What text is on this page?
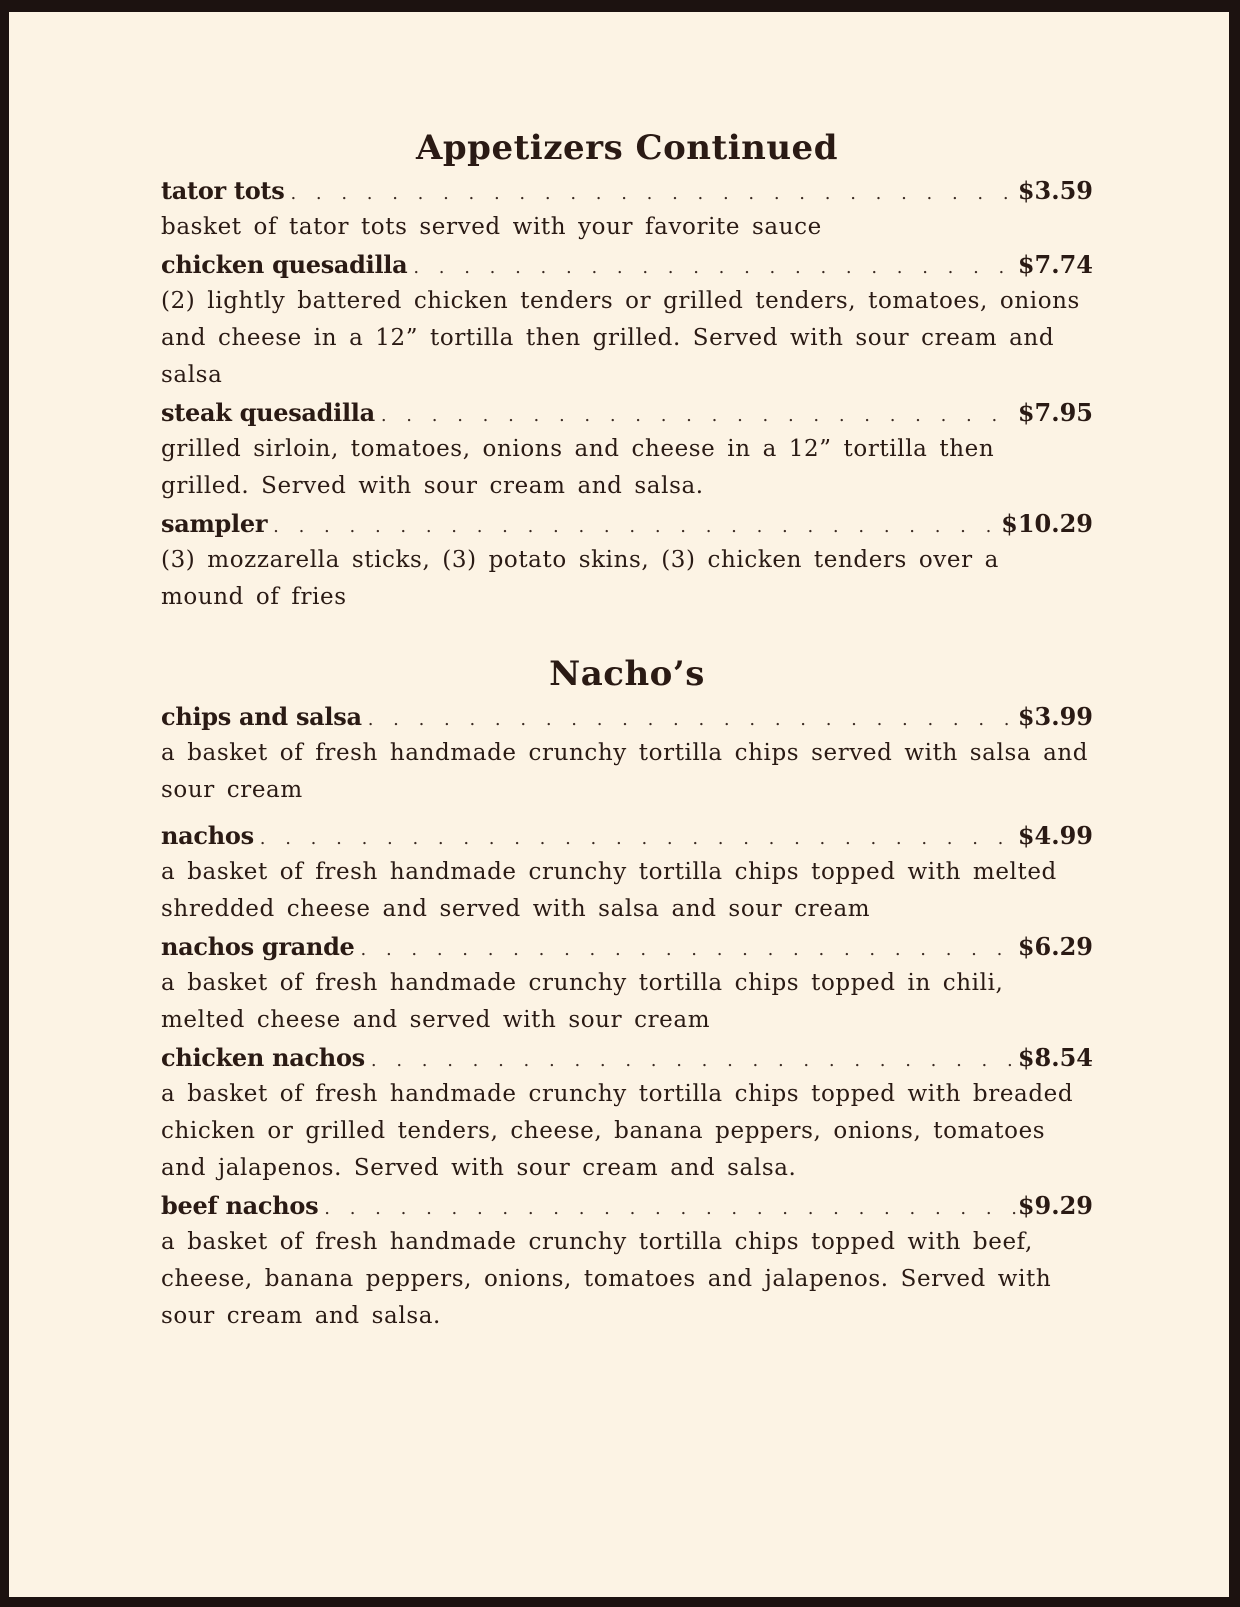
Appetizers Continued
tator tots . . .	$3.59

basket of tator tots served with your favorite sauce

chicken quesadilla . . .	$7.74

(2) lightly battered chicken tenders or grilled tenders, tomatoes, onions and cheese in a 12” tortilla then grilled. Served with sour cream and salsa

steak quesadilla . . .	$7.95

grilled sirloin, tomatoes, onions and cheese in a 12” tortilla then grilled. Served with sour cream and salsa.

sampler . . .	$10.29

(3) mozzarella sticks, (3) potato skins, (3) chicken tenders over a mound of fries

Nacho’s
chips and salsa . . .	$3.99

a basket of fresh handmade crunchy tortilla chips served with salsa and sour cream

nachos . . .	$4.99

a basket of fresh handmade crunchy tortilla chips topped with melted shredded cheese and served with salsa and sour cream

nachos grande . . .	$6.29

a basket of fresh handmade crunchy tortilla chips topped in chili, melted cheese and served with sour cream

chicken nachos . . .	$8.54

a basket of fresh handmade crunchy tortilla chips topped with breaded chicken or grilled tenders, cheese, banana peppers, onions, tomatoes and jalapenos. Served with sour cream and salsa.

beef nachos . . .	$9.29

a basket of fresh handmade crunchy tortilla chips topped with beef, cheese, banana peppers, onions, tomatoes and jalapenos. Served with sour cream and salsa.
